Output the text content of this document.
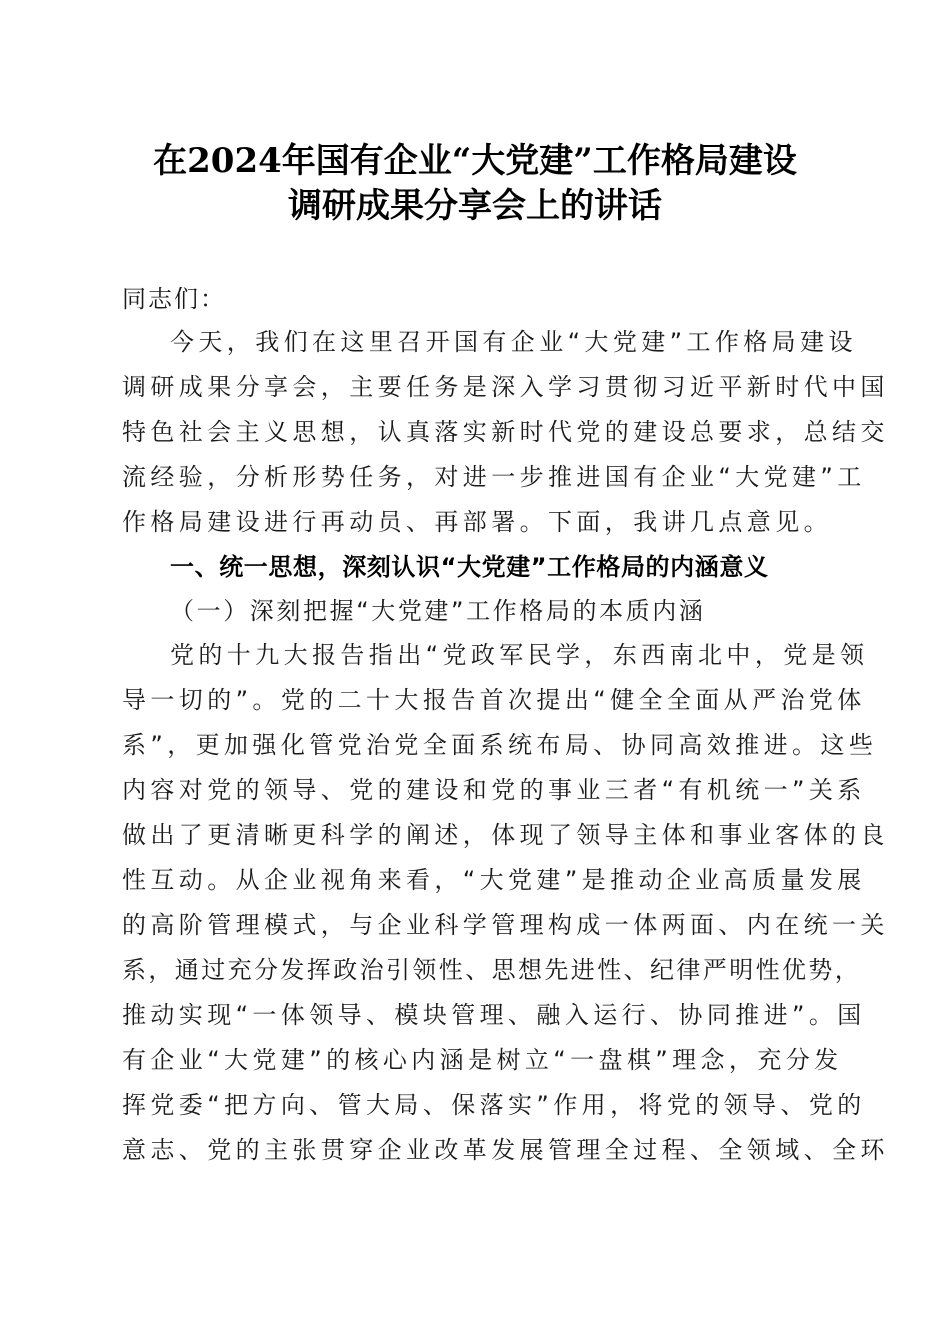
在2024年国有企业“大党建”工作格局建设
调研成果分享会上的讲话
同志们：
今天，我们在这里召开国有企业“大党建”工作格局建设
调研成果分享会，主要任务是深入学习贯彻习近平新时代中国
特色社会主义思想，认真落实新时代党的建设总要求，总结交
流经验，分析形势任务，对进一步推进国有企业“大党建”工
作格局建设进行再动员、再部署。下面，我讲几点意见。
一、统一思想，深刻认识“大党建”工作格局的内涵意义
（一）深刻把握“大党建”工作格局的本质内涵
党的十九大报告指出“党政军民学，东西南北中，党是领
导一切的”。党的二十大报告首次提出“健全全面从严治党体
系”，更加强化管党治党全面系统布局、协同高效推进。这些
内容对党的领导、党的建设和党的事业三者“有机统一”关系
做出了更清晰更科学的阐述，体现了领导主体和事业客体的良
性互动。从企业视角来看，“大党建”是推动企业高质量发展
的高阶管理模式，与企业科学管理构成一体两面、内在统一关
系，通过充分发挥政治引领性、思想先进性、纪律严明性优势，
推动实现“一体领导、模块管理、融入运行、协同推进”。国
有企业“大党建”的核心内涵是树立“一盘棋”理念，充分发
挥党委“把方向、管大局、保落实”作用，将党的领导、党的
意志、党的主张贯穿企业改革发展管理全过程、全领域、全环
